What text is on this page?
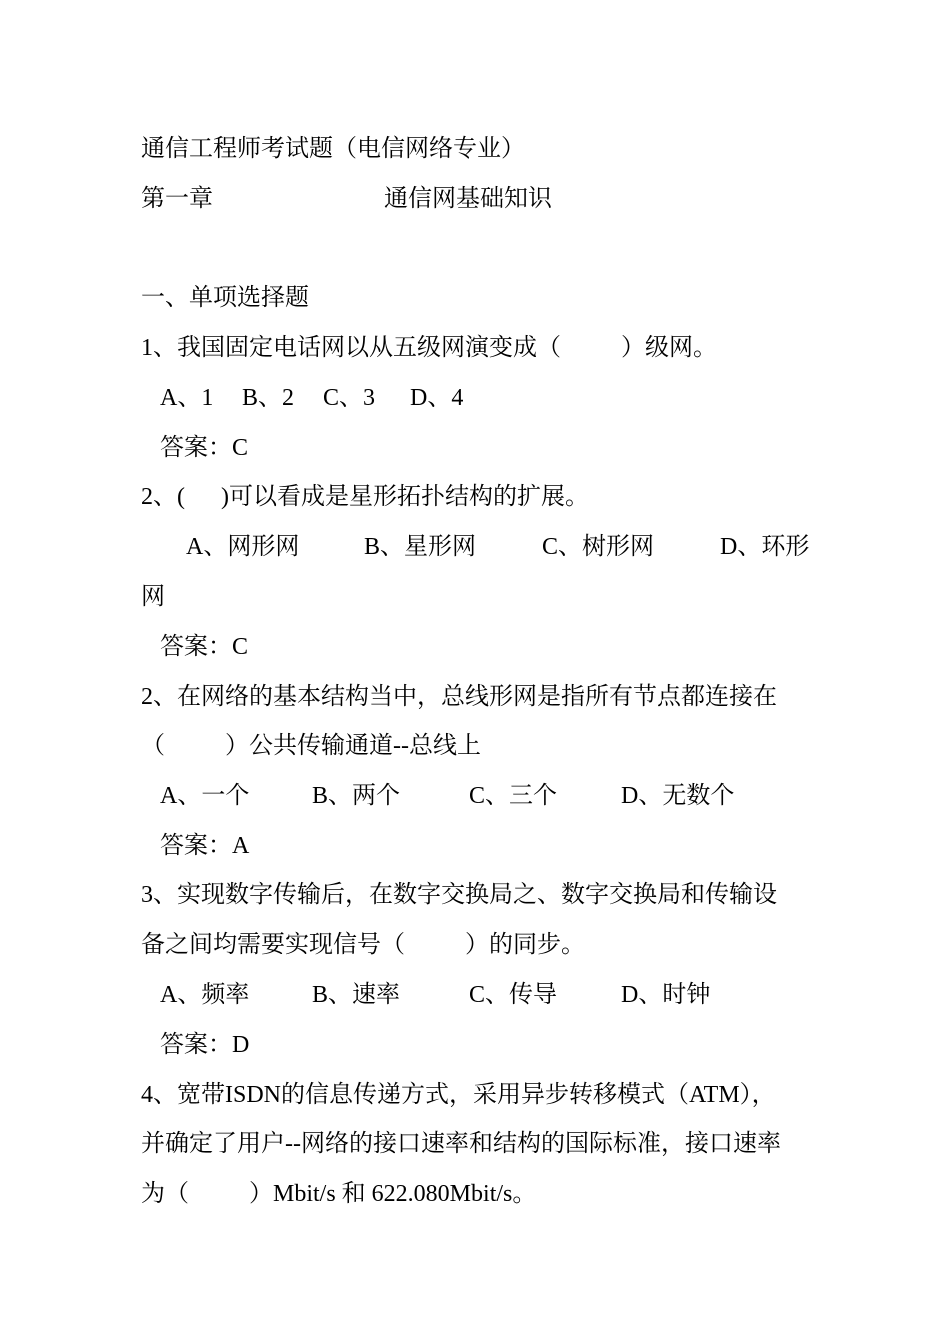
通信工程师考试题（电信网络专业）
第一章	通信网基础知识
一、单项选择题
1、我国固定电话网以从五级网演变成（          ）级网。
A、1 B、2 C、3 D、4
答案：C
2、(      )可以看成是星形拓扑结构的扩展。
A、网形网	B、星形网	C、树形网	D、环形
网
答案：C
2、在网络的基本结构当中，总线形网是指所有节点都连接在
（          ）公共传输通道--总线上
A、一个	B、两个	C、三个	D、无数个
答案：A
3、实现数字传输后，在数字交换局之、数字交换局和传输设
备之间均需要实现信号（          ）的同步。
A、频率	B、速率	C、传导	D、时钟
答案：D
4、宽带ISDN的信息传递方式，采用异步转移模式（ATM），
并确定了用户--网络的接口速率和结构的国际标准，接口速率
为（          ）Mbit/s 和 622.080Mbit/s。
